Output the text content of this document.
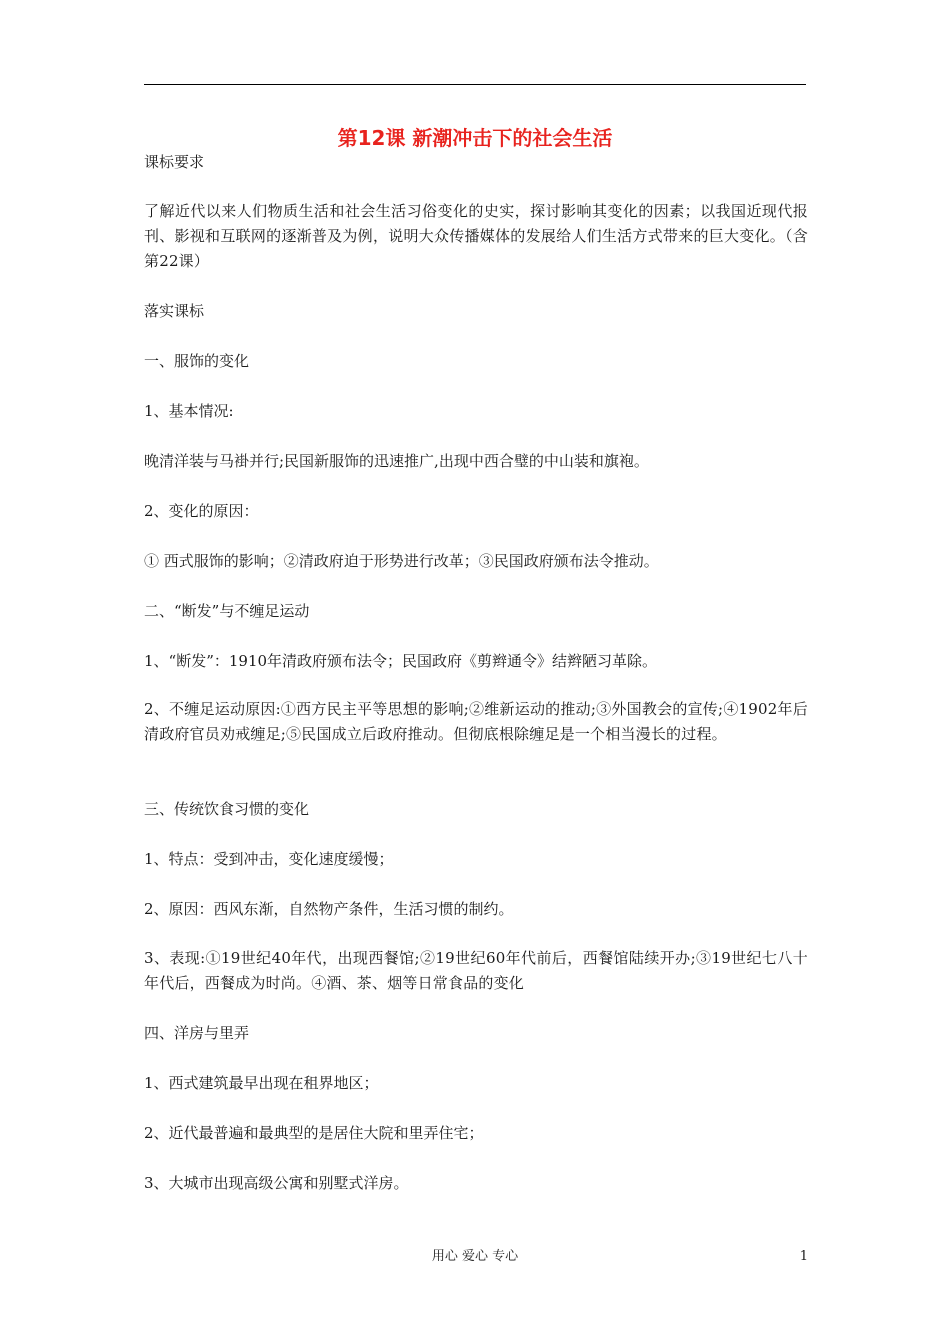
第12课 新潮冲击下的社会生活
课标要求
了解近代以来人们物质生活和社会生活习俗变化的史实，探讨影响其变化的因素；以我国近现代报刊、影视和互联网的逐渐普及为例，说明大众传播媒体的发展给人们生活方式带来的巨大变化。（含第22课）
落实课标
一、服饰的变化
1、基本情况:
晚清洋装与马褂并行;民国新服饰的迅速推广,出现中西合璧的中山装和旗袍。
2、变化的原因：
① 西式服饰的影响；②清政府迫于形势进行改革；③民国政府颁布法令推动。
二、“断发”与不缠足运动
1、“断发”：1910年清政府颁布法令；民国政府《剪辫通令》结辫陋习革除。
2、不缠足运动原因:①西方民主平等思想的影响;②维新运动的推动;③外国教会的宣传;④1902年后清政府官员劝戒缠足;⑤民国成立后政府推动。但彻底根除缠足是一个相当漫长的过程。
三、传统饮食习惯的变化
1、特点：受到冲击，变化速度缓慢；
2、原因：西风东渐，自然物产条件，生活习惯的制约。
3、表现:①19世纪40年代，出现西餐馆;②19世纪60年代前后，西餐馆陆续开办;③19世纪七八十年代后，西餐成为时尚。④酒、茶、烟等日常食品的变化
四、洋房与里弄
1、西式建筑最早出现在租界地区；
2、近代最普遍和最典型的是居住大院和里弄住宅；
3、大城市出现高级公寓和别墅式洋房。
用心 爱心 专心	1
